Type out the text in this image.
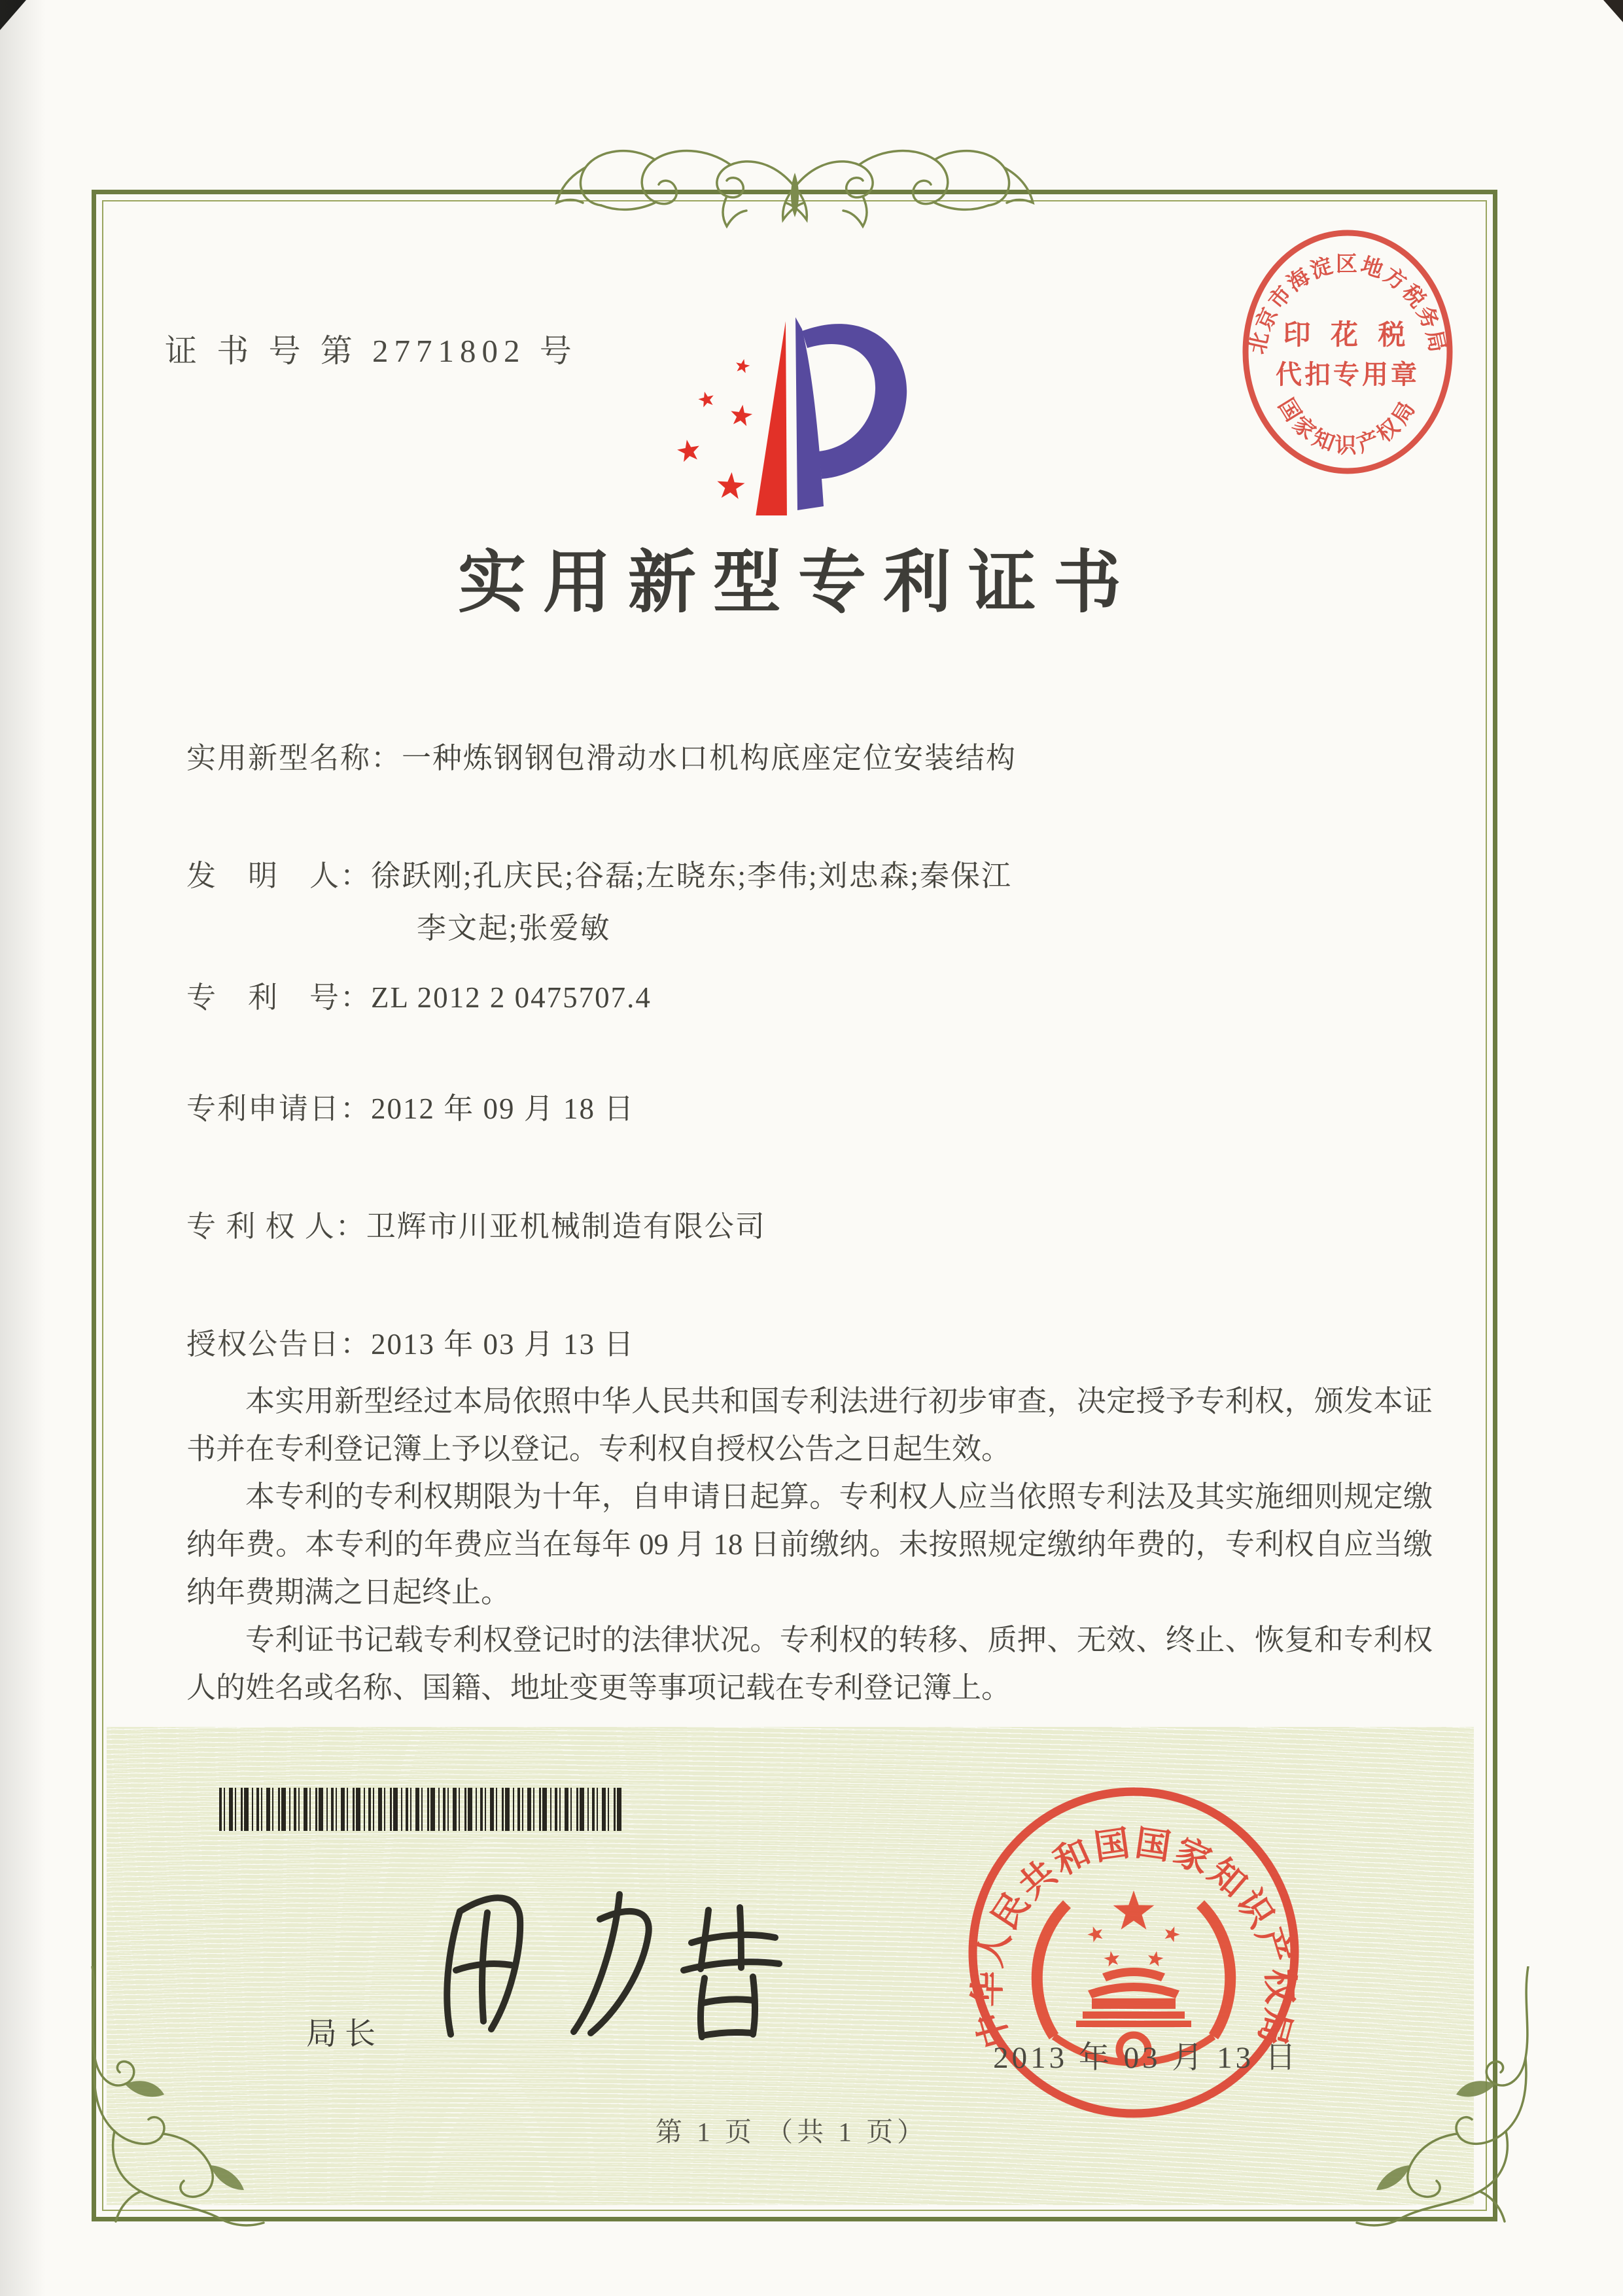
证 书 号 第 2771802 号	北京市海淀区地方税务局
国家知识产权局
印 花 税
代扣专用章
实用新型专利证书
实用新型名称：一种炼钢钢包滑动水口机构底座定位安装结构
发　明　人：徐跃刚;孔庆民;谷磊;左晓东;李伟;刘忠森;秦保江
李文起;张爱敏
专　利　号：ZL 2012 2 0475707.4
专利申请日：2012 年 09 月 18 日
专 利 权 人：卫辉市川亚机械制造有限公司
授权公告日：2013 年 03 月 13 日

本实用新型经过本局依照中华人民共和国专利法进行初步审查，决定授予专利权，颁发本证书并在专利登记簿上予以登记。专利权自授权公告之日起生效。

本专利的专利权期限为十年，自申请日起算。专利权人应当依照专利法及其实施细则规定缴纳年费。本专利的年费应当在每年 09 月 18 日前缴纳。未按照规定缴纳年费的，专利权自应当缴纳年费期满之日起终止。

专利证书记载专利权登记时的法律状况。专利权的转移、质押、无效、终止、恢复和专利权人的姓名或名称、国籍、地址变更等事项记载在专利登记簿上。

局长	中华人民共和国国家知识产权局
2013 年 03 月 13 日
第 1 页 （共 1 页）
